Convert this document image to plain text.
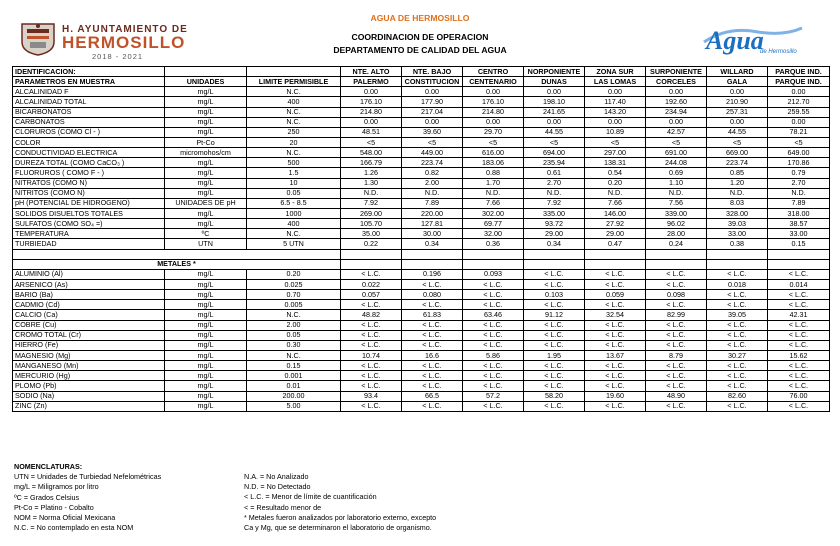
H. AYUNTAMIENTO DE
HERMOSILLO
2018 - 2021
AGUA DE HERMOSILLO
COORDINACION DE OPERACION
DEPARTAMENTO DE CALIDAD DEL AGUA	Agua
de Hermosillo
IDENTIFICACION:			NTE. ALTO	NTE. BAJO	CENTRO	NORPONIENTE	ZONA SUR	SURPONIENTE	WILLARD	PARQUE IND.
PARAMETROS EN MUESTRA	UNIDADES	LIMITE PERMISIBLE	PALERMO	CONSTITUCION	CENTENARIO	DUNAS	LAS LOMAS	CORCELES	GALA	PARQUE IND.
ALCALINIDAD F	mg/L	N.C.	0.00	0.00	0.00	0.00	0.00	0.00	0.00	0.00
ALCALINIDAD TOTAL	mg/L	400	176.10	177.90	176.10	198.10	117.40	192.60	210.90	212.70
BICARBONATOS	mg/L	N.C.	214.80	217.04	214.80	241.65	143.20	234.94	257.31	259.55
CARBONATOS	mg/L	N.C.	0.00	0.00	0.00	0.00	0.00	0.00	0.00	0.00
CLORUROS (COMO Cl - )	mg/L	250	48.51	39.60	29.70	44.55	10.89	42.57	44.55	78.21
COLOR	Pt-Co	20	<5	<5	<5	<5	<5	<5	<5	<5
CONDUCTIVIDAD ELECTRICA	micromohos/cm	N.C.	548.00	449.00	616.00	694.00	297.00	691.00	669.00	649.00
DUREZA TOTAL (COMO CaCO₃ )	mg/L	500	166.79	223.74	183.06	235.94	138.31	244.08	223.74	170.86
FLUORUROS ( COMO F - )	mg/L	1.5	1.26	0.82	0.88	0.61	0.54	0.69	0.85	0.79
NITRATOS (COMO N)	mg/L	10	1.30	2.00	1.70	2.70	0.20	1.10	1.20	2.70
NITRITOS (COMO N)	mg/L	0.05	N.D.	N.D.	N.D.	N.D.	N.D.	N.D.	N.D.	N.D.
pH (POTENCIAL DE HIDROGENO)	UNIDADES DE pH	6.5 - 8.5	7.92	7.89	7.66	7.92	7.66	7.56	8.03	7.89
SOLIDOS DISUELTOS TOTALES	mg/L	1000	269.00	220.00	302.00	335.00	146.00	339.00	328.00	318.00
SULFATOS (COMO SO₄ =)	mg/L	400	105.70	127.81	69.77	93.72	27.92	96.02	39.03	38.57
TEMPERATURA	ºC	N.C.	35.00	30.00	32.00	29.00	29.00	28.00	33.00	33.00
TURBIEDAD	UTN	5 UTN	0.22	0.34	0.36	0.34	0.47	0.24	0.38	0.15

METALES *										
ALUMINIO (Al)	mg/L	0.20	< L.C.	0.196	0.093	< L.C.	< L.C.	< L.C.	< L.C.	< L.C.
ARSENICO (As)	mg/L	0.025	0.022	< L.C.	< L.C.	< L.C.	< L.C.	< L.C.	0.018	0.014
BARIO (Ba)	mg/L	0.70	0.057	0.080	< L.C.	0.103	0.059	0.098	< L.C.	< L.C.
CADMIO (Cd)	mg/L	0.005	< L.C.	< L.C.	< L.C.	< L.C.	< L.C.	< L.C.	< L.C.	< L.C.
CALCIO (Ca)	mg/L	N.C.	48.82	61.83	63.46	91.12	32.54	82.99	39.05	42.31
COBRE (Cu)	mg/L	2.00	< L.C.	< L.C.	< L.C.	< L.C.	< L.C.	< L.C.	< L.C.	< L.C.
CROMO TOTAL (Cr)	mg/L	0.05	< L.C.	< L.C.	< L.C.	< L.C.	< L.C.	< L.C.	< L.C.	< L.C.
HIERRO (Fe)	mg/L	0.30	< L.C.	< L.C.	< L.C.	< L.C.	< L.C.	< L.C.	< L.C.	< L.C.
MAGNESIO (Mg)	mg/L	N.C.	10.74	16.6	5.86	1.95	13.67	8.79	30.27	15.62
MANGANESO (Mn)	mg/L	0.15	< L.C.	< L.C.	< L.C.	< L.C.	< L.C.	< L.C.	< L.C.	< L.C.
MERCURIO (Hg)	mg/L	0.001	< L.C.	< L.C.	< L.C.	< L.C.	< L.C.	< L.C.	< L.C.	< L.C.
PLOMO (Pb)	mg/L	0.01	< L.C.	< L.C.	< L.C.	< L.C.	< L.C.	< L.C.	< L.C.	< L.C.
SODIO (Na)	mg/L	200.00	93.4	66.5	57.2	58.20	19.60	48.90	82.60	76.00
ZINC (Zn)	mg/L	5.00	< L.C.	< L.C.	< L.C.	< L.C.	< L.C.	< L.C.	< L.C.	< L.C.
NOMENCLATURAS:
UTN = Unidades de Turbiedad Nefelométricas
mg/L = Miligramos por litro
ºC = Grados Celsius
Pt-Co = Platino - Cobalto
NOM = Norma Oficial Mexicana
N.C. = No contemplado en esta NOM
N.A. = No Analizado
N.D. = No Detectado
< L.C. = Menor de límite de cuantificación
< = Resultado menor de
* Metales fueron analizados por laboratorio externo, excepto
Ca y Mg, que se determinaron el laboratorio de organismo.
